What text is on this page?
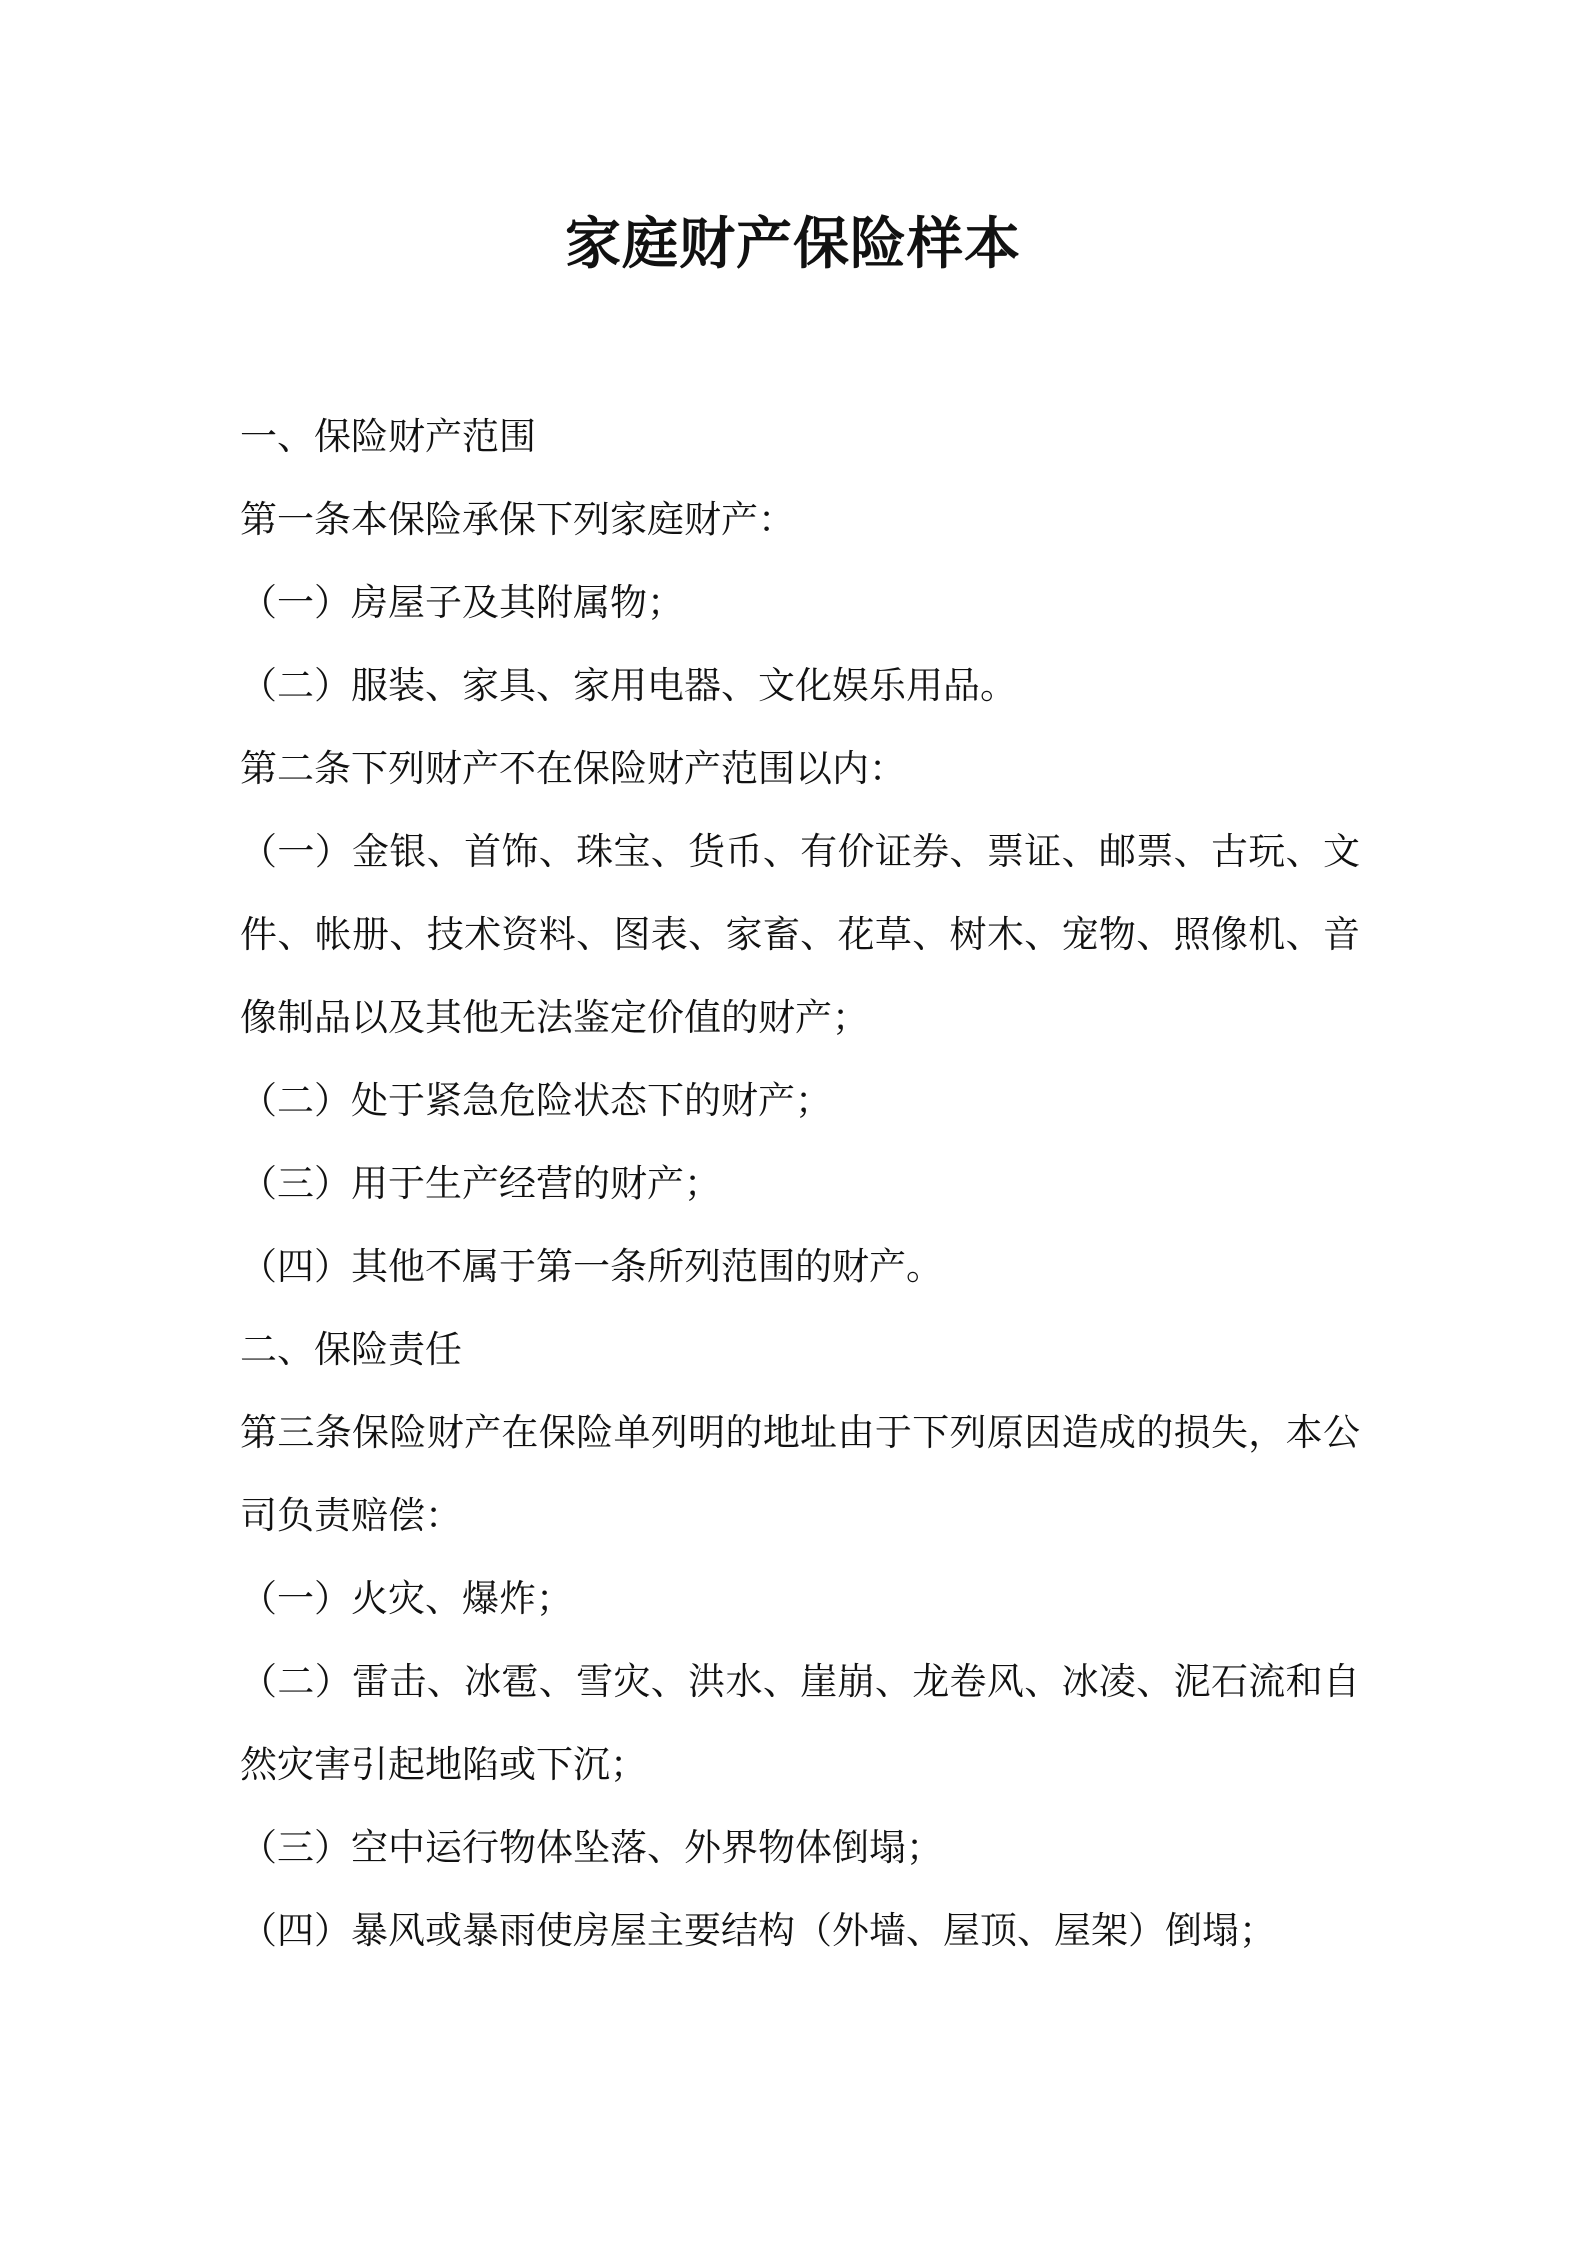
家庭财产保险样本

一、保险财产范围

第一条本保险承保下列家庭财产：

（一）房屋子及其附属物；

（二）服装、家具、家用电器、文化娱乐用品。

第二条下列财产不在保险财产范围以内：

（一）金银、首饰、珠宝、货币、有价证券、票证、邮票、古玩、文

件、帐册、技术资料、图表、家畜、花草、树木、宠物、照像机、音

像制品以及其他无法鉴定价值的财产；

（二）处于紧急危险状态下的财产；

（三）用于生产经营的财产；

（四）其他不属于第一条所列范围的财产。

二、保险责任

第三条保险财产在保险单列明的地址由于下列原因造成的损失，本公

司负责赔偿：

（一）火灾、爆炸；

（二）雷击、冰雹、雪灾、洪水、崖崩、龙卷风、冰凌、泥石流和自

然灾害引起地陷或下沉；

（三）空中运行物体坠落、外界物体倒塌；

（四）暴风或暴雨使房屋主要结构（外墙、屋顶、屋架）倒塌；
